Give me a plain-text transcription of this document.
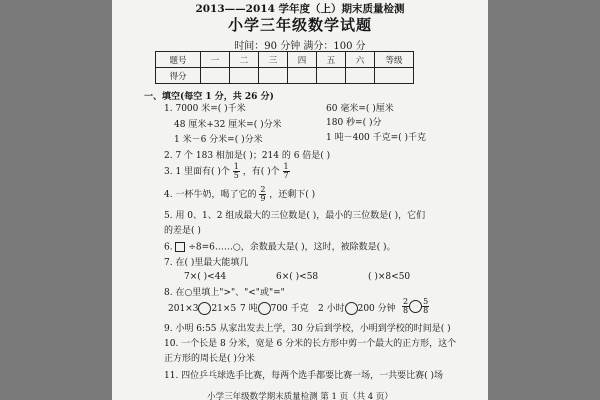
2013——2014 学年度（上）期末质量检测
小学三年级数学试题
时间：90 分钟 满分：100 分
题号	一	二	三	四	五	六	等级
得分							
一、填空(每空 1 分，共 26 分)
1. 7000 米=( )千米	60 毫米=( )厘米
48 厘米+32 厘米=( )分米	180 秒=( )分
1 米－6 分米=( )分米	1 吨－400 千克=( )千克
2. 7 个 183 相加是( )；214 的 6 倍是( )
3. 1 里面有( )个 $\frac{1}{5}$ ，有( )个 $\frac{1}{7}$
4. 一杯牛奶，喝了它的 $\frac{2}{9}$ ，还剩下( )
5. 用 0、1、2 组成最大的三位数是( )，最小的三位数是( )，它们
的差是( )
6. ÷8=6……○，余数最大是( )，这时，被除数是( )。
7. 在( )里最大能填几
7×( )<44	6×( )<58	( )×8<50
8. 在○里填上">"、"<"或"="
201×3 21×5 7 吨 700 千克 2 小时 200 分钟 $\frac{2}{8} \frac{5}{8}$
9. 小明 6:55 从家出发去上学，30 分后到学校，小明到学校的时间是( )
10. 一个长是 8 分米，宽是 6 分米的长方形中剪一个最大的正方形，这个
正方形的周长是( )分米
11. 四位乒乓球选手比赛，每两个选手都要比赛一场，一共要比赛( )场
小学三年级数学期末质量检测 第 1 页（共 4 页）
